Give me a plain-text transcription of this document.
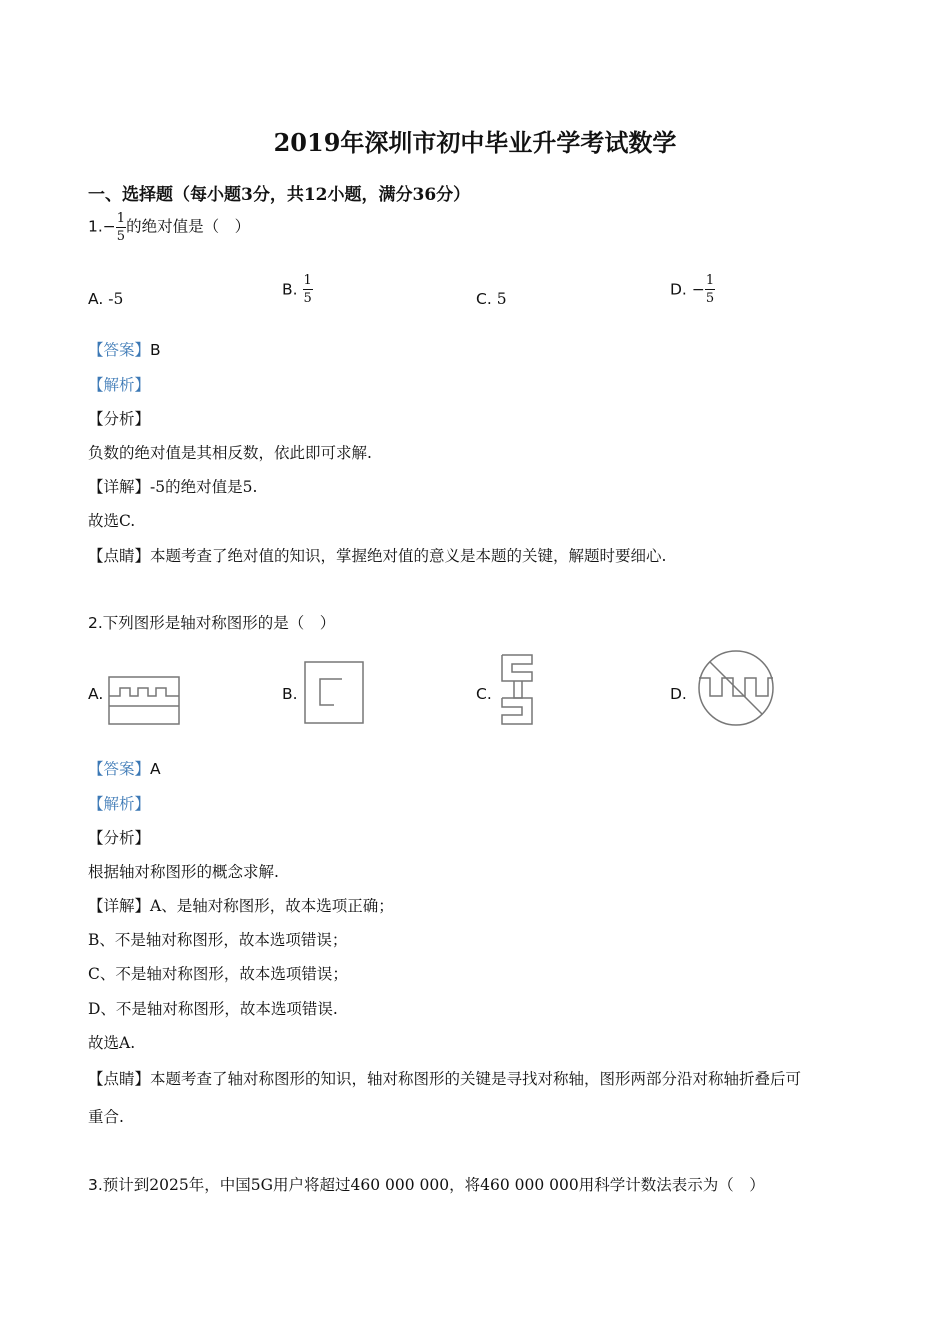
2019年深圳市初中毕业升学考试数学
一、选择题（每小题3分，共12小题，满分36分）
$1.- \frac{1}{5}$ 的绝对值是（　）
A. -5
B. $\frac{1}{5}$	C. 5
D. − $\frac{1}{5}$
【答案】B
【解析】
【分析】
负数的绝对值是其相反数，依此即可求解.
【详解】-5的绝对值是5.
故选C.
【点睛】本题考查了绝对值的知识，掌握绝对值的意义是本题的关键，解题时要细心.
2.下列图形是轴对称图形的是（　）
A.	B.	C.	D.
【答案】A
【解析】
【分析】
根据轴对称图形的概念求解.
【详解】A、是轴对称图形，故本选项正确；
B、不是轴对称图形，故本选项错误；
C、不是轴对称图形，故本选项错误；
D、不是轴对称图形，故本选项错误.
故选A.
【点睛】本题考查了轴对称图形的知识，轴对称图形的关键是寻找对称轴，图形两部分沿对称轴折叠后可
重合.
3.预计到2025年，中国5G用户将超过460 000 000，将460 000 000用科学计数法表示为（　）
